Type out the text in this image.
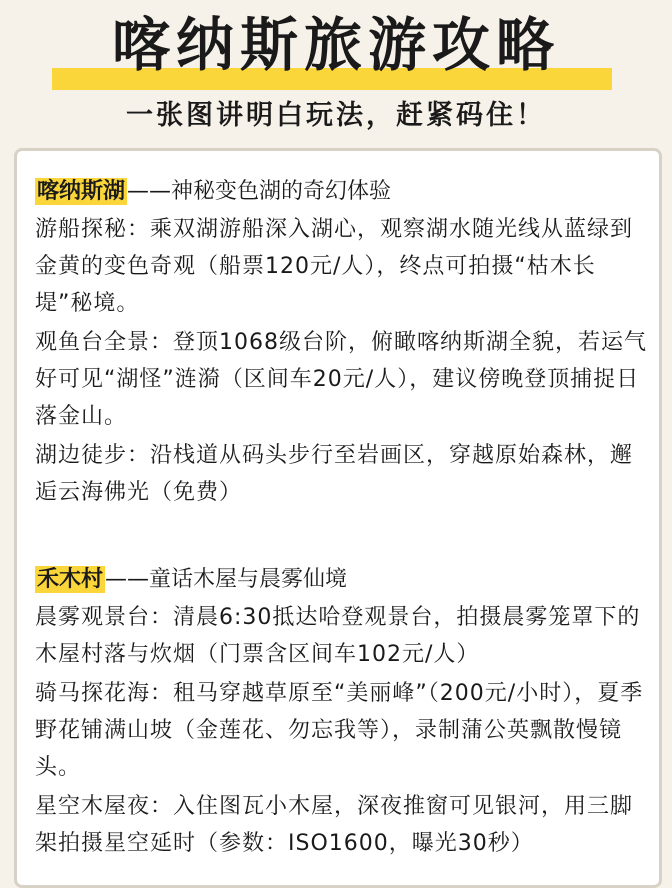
喀纳斯旅游攻略
一张图讲明白玩法，赶紧码住！
喀纳斯湖——神秘变色湖的奇幻体验
游船探秘：乘双湖游船深入湖心，观察湖水随光线从蓝绿到金黄的变色奇观（船票120元/人），终点可拍摄“枯木长堤”秘境。
观鱼台全景：登顶1068级台阶，俯瞰喀纳斯湖全貌，若运气好可见“湖怪”涟漪（区间车20元/人），建议傍晚登顶捕捉日落金山。
湖边徒步：沿栈道从码头步行至岩画区，穿越原始森林，邂逅云海佛光（免费）
禾木村——童话木屋与晨雾仙境
晨雾观景台：清晨6:30抵达哈登观景台，拍摄晨雾笼罩下的木屋村落与炊烟（门票含区间车102元/人）
骑马探花海：租马穿越草原至“美丽峰”（200元/小时），夏季野花铺满山坡（金莲花、勿忘我等），录制蒲公英飘散慢镜头。
星空木屋夜：入住图瓦小木屋，深夜推窗可见银河，用三脚架拍摄星空延时（参数：ISO1600，曝光30秒）
